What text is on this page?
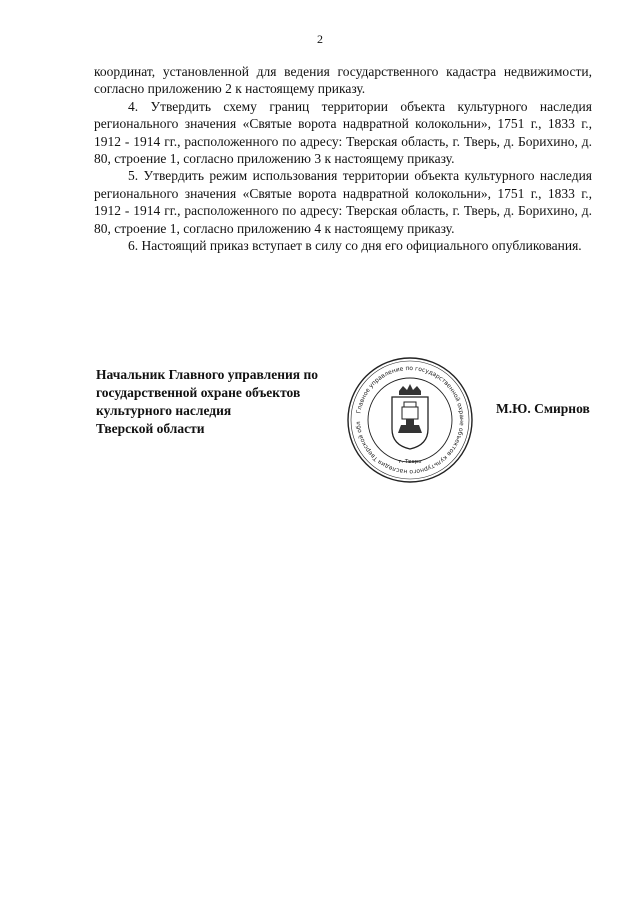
2

координат, установленной для ведения государственного кадастра недвижимости, согласно приложению 2 к настоящему приказу.

4. Утвердить схему границ территории объекта культурного наследия регионального значения «Святые ворота надвратной колокольни», 1751 г., 1833 г., 1912 - 1914 гг., расположенного по адресу: Тверская область, г. Тверь, д. Борихино, д. 80, строение 1, согласно приложению 3 к настоящему приказу.

5. Утвердить режим использования территории объекта культурного наследия регионального значения «Святые ворота надвратной колокольни», 1751 г., 1833 г., 1912 - 1914 гг., расположенного по адресу: Тверская область, г. Тверь, д. Борихино, д. 80, строение 1, согласно приложению 4 к настоящему приказу.

6. Настоящий приказ вступает в силу со дня его официального опубликования.

Начальник Главного управления по

государственной охране объектов

культурного наследия

Тверской области

Главное управление по государственной охране объектов культурного наследия Тверской обл
г. Тверь
М.Ю. Смирнов
